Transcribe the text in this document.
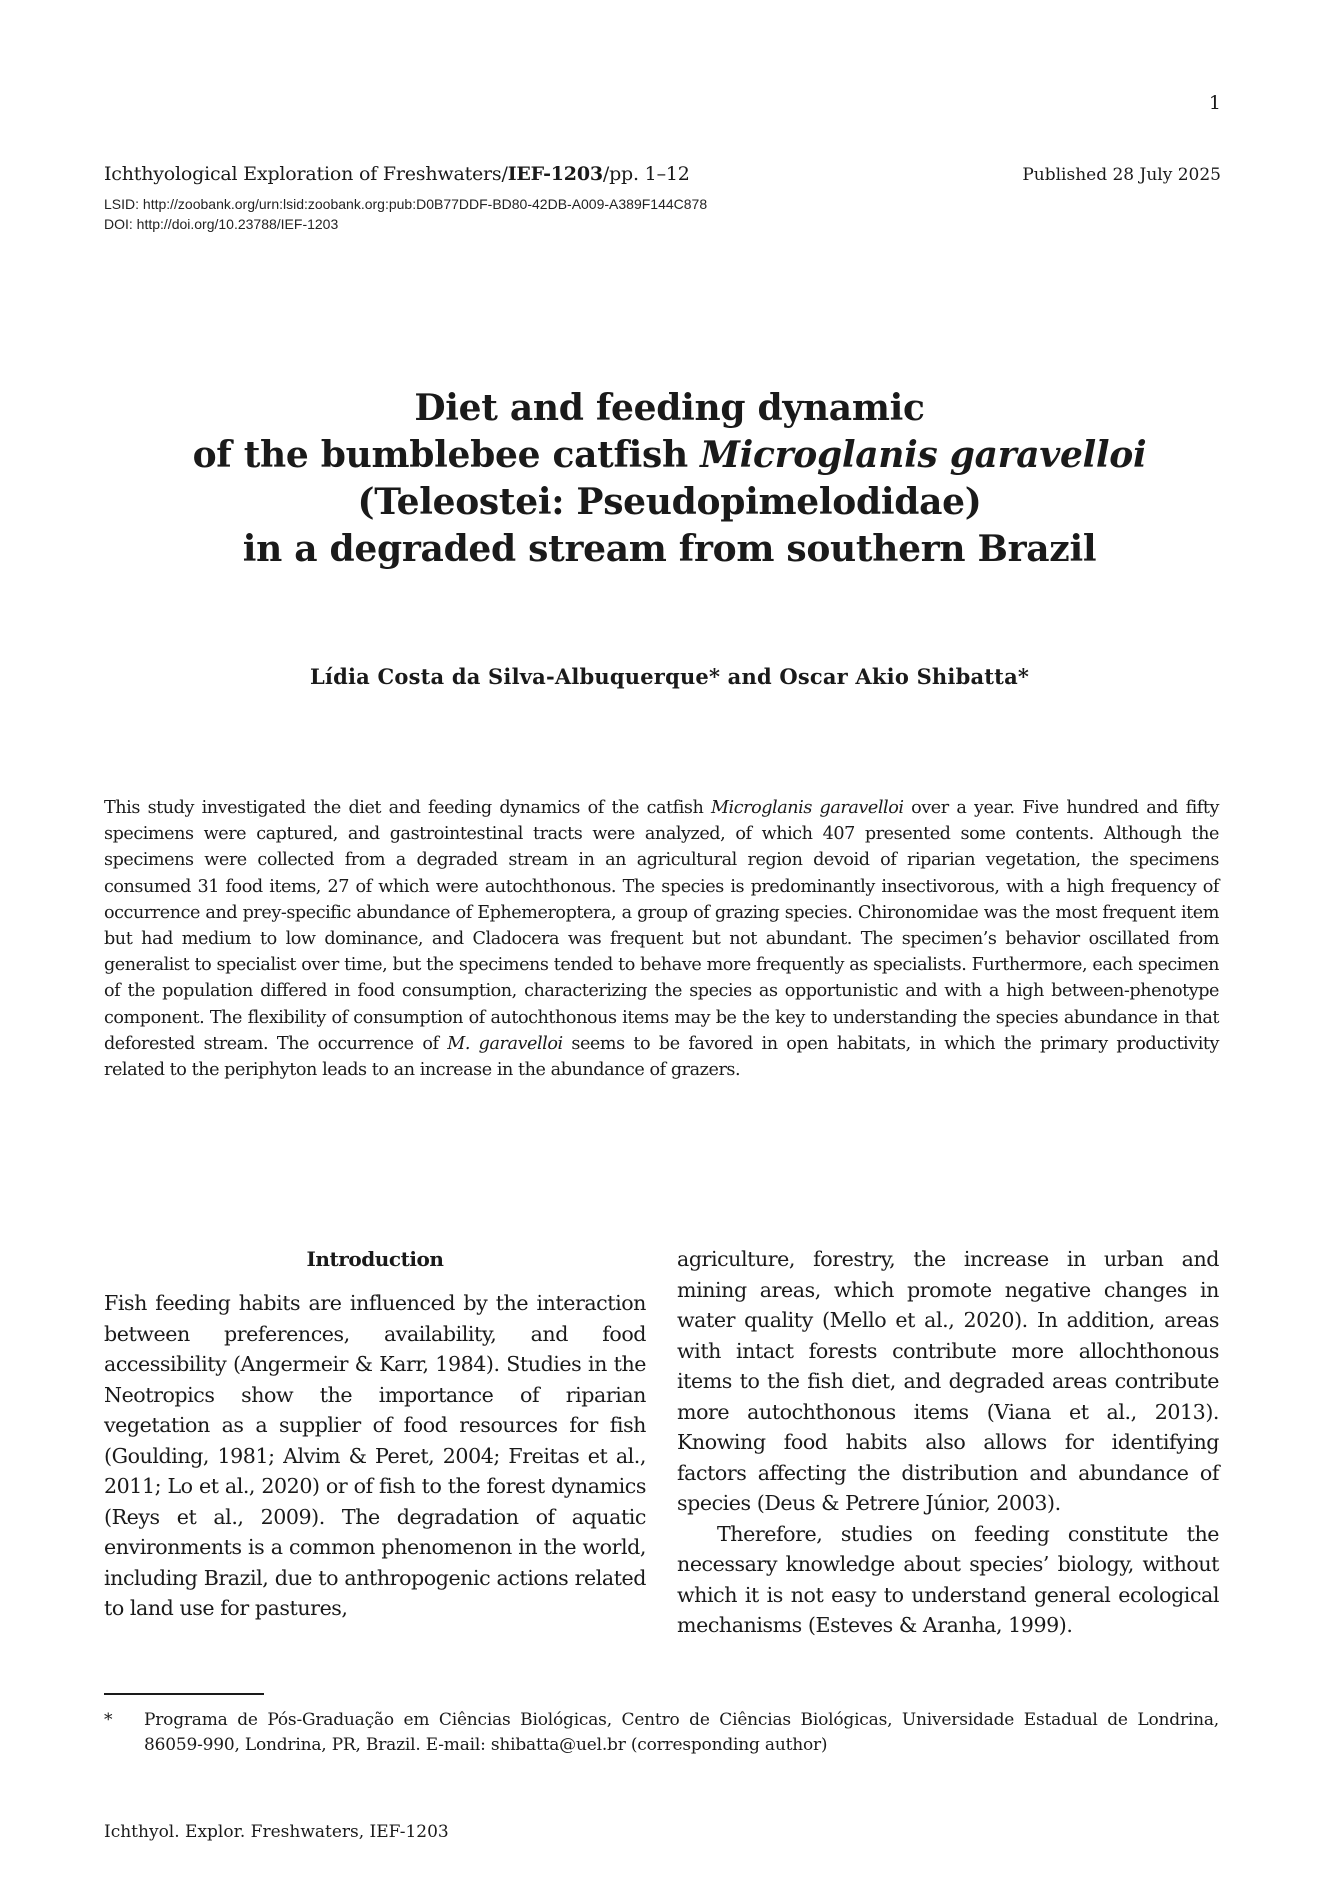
1
Ichthyological Exploration of Freshwaters/IEF-1203/pp. 1–12	Published 28 July 2025
LSID: http://zoobank.org/urn:lsid:zoobank.org:pub:D0B77DDF-BD80-42DB-A009-A389F144C878
DOI: http://doi.org/10.23788/IEF-1203
Diet and feeding dynamic
of the bumblebee catfish Microglanis garavelloi
(Teleostei: Pseudopimelodidae)
in a degraded stream from southern Brazil
Lídia Costa da Silva-Albuquerque* and Oscar Akio Shibatta*
This study investigated the diet and feeding dynamics of the catfish Microglanis garavelloi over a year. Five hundred and fifty specimens were captured, and gastrointestinal tracts were analyzed, of which 407 presented some contents. Although the specimens were collected from a degraded stream in an agricultural region devoid of riparian vegetation, the specimens consumed 31 food items, 27 of which were autochthonous. The species is predominantly insectivorous, with a high frequency of occurrence and prey-specific abundance of Ephemeroptera, a group of grazing species. Chironomidae was the most frequent item but had medium to low dominance, and Cladocera was frequent but not abundant. The specimen’s behavior oscillated from generalist to specialist over time, but the specimens tended to behave more frequently as specialists. Furthermore, each specimen of the population differed in food consumption, characterizing the species as opportunistic and with a high between-phenotype component. The flexibility of consumption of autochthonous items may be the key to understanding the species abundance in that deforested stream. The occurrence of M. garavelloi seems to be favored in open habitats, in which the primary productivity related to the periphyton leads to an increase in the abundance of grazers.
Introduction

Fish feeding habits are influenced by the interaction between preferences, availability, and food accessibility (Angermeir & Karr, 1984). Studies in the Neotropics show the importance of riparian vegetation as a supplier of food resources for fish (Goulding, 1981; Alvim & Peret, 2004; Freitas et al., 2011; Lo et al., 2020) or of fish to the forest dynamics (Reys et al., 2009). The degradation of aquatic environments is a common phenomenon in the world, including Brazil, due to anthropogenic actions related to land use for pastures,

agriculture, forestry, the increase in urban and mining areas, which promote negative changes in water quality (Mello et al., 2020). In addition, areas with intact forests contribute more allochthonous items to the fish diet, and degraded areas contribute more autochthonous items (Viana et al., 2013). Knowing food habits also allows for identifying factors affecting the distribution and abundance of species (Deus & Petrere Júnior, 2003).

Therefore, studies on feeding constitute the necessary knowledge about species’ biology, without which it is not easy to understand general ecological mechanisms (Esteves & Aranha, 1999).

* Programa de Pós-Graduação em Ciências Biológicas, Centro de Ciências Biológicas, Universidade Estadual de Londrina, 86059-990, Londrina, PR, Brazil. E-mail: shibatta@uel.br (corresponding author)
Ichthyol. Explor. Freshwaters, IEF-1203
